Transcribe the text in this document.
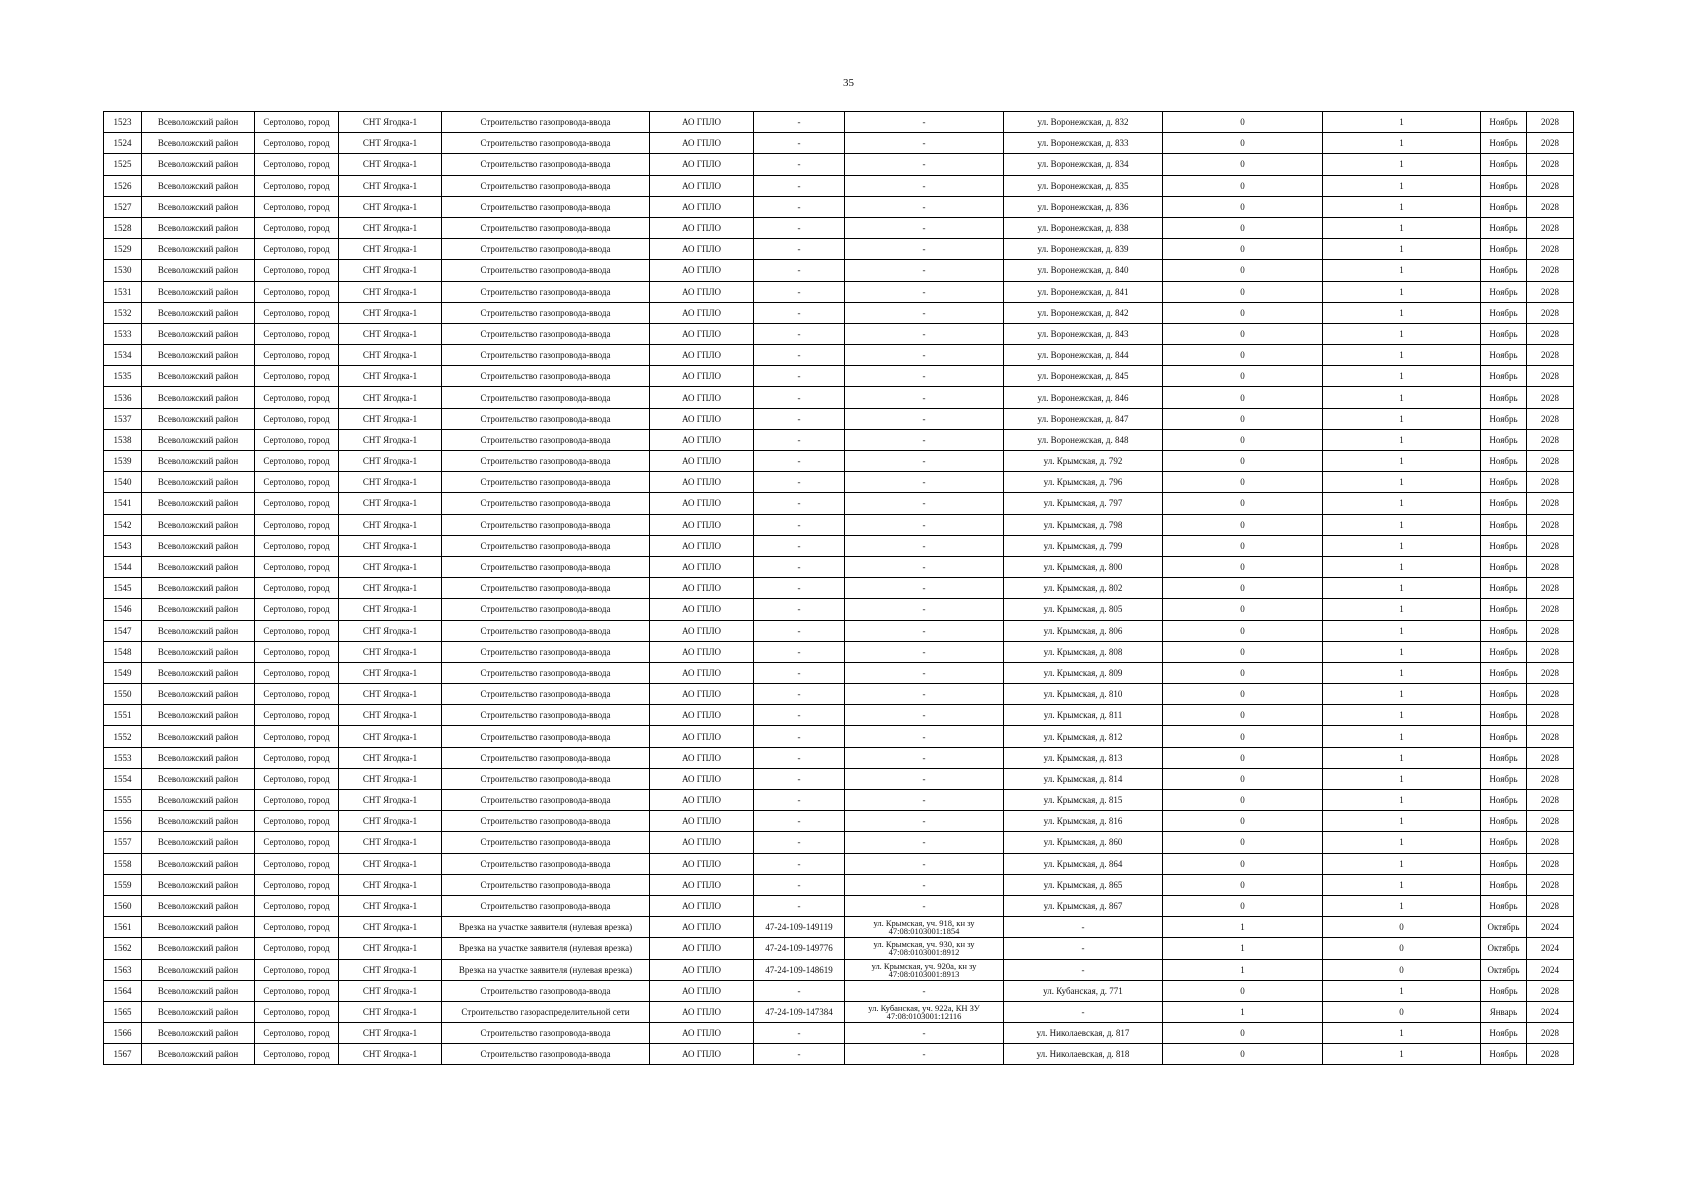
35
1523	Всеволожский район	Сертолово, город	СНТ Ягодка-1	Строительство газопровода-ввода	АО ГПЛО	-	-	ул. Воронежская, д. 832	0	1	Ноябрь	2028
1524	Всеволожский район	Сертолово, город	СНТ Ягодка-1	Строительство газопровода-ввода	АО ГПЛО	-	-	ул. Воронежская, д. 833	0	1	Ноябрь	2028
1525	Всеволожский район	Сертолово, город	СНТ Ягодка-1	Строительство газопровода-ввода	АО ГПЛО	-	-	ул. Воронежская, д. 834	0	1	Ноябрь	2028
1526	Всеволожский район	Сертолово, город	СНТ Ягодка-1	Строительство газопровода-ввода	АО ГПЛО	-	-	ул. Воронежская, д. 835	0	1	Ноябрь	2028
1527	Всеволожский район	Сертолово, город	СНТ Ягодка-1	Строительство газопровода-ввода	АО ГПЛО	-	-	ул. Воронежская, д. 836	0	1	Ноябрь	2028
1528	Всеволожский район	Сертолово, город	СНТ Ягодка-1	Строительство газопровода-ввода	АО ГПЛО	-	-	ул. Воронежская, д. 838	0	1	Ноябрь	2028
1529	Всеволожский район	Сертолово, город	СНТ Ягодка-1	Строительство газопровода-ввода	АО ГПЛО	-	-	ул. Воронежская, д. 839	0	1	Ноябрь	2028
1530	Всеволожский район	Сертолово, город	СНТ Ягодка-1	Строительство газопровода-ввода	АО ГПЛО	-	-	ул. Воронежская, д. 840	0	1	Ноябрь	2028
1531	Всеволожский район	Сертолово, город	СНТ Ягодка-1	Строительство газопровода-ввода	АО ГПЛО	-	-	ул. Воронежская, д. 841	0	1	Ноябрь	2028
1532	Всеволожский район	Сертолово, город	СНТ Ягодка-1	Строительство газопровода-ввода	АО ГПЛО	-	-	ул. Воронежская, д. 842	0	1	Ноябрь	2028
1533	Всеволожский район	Сертолово, город	СНТ Ягодка-1	Строительство газопровода-ввода	АО ГПЛО	-	-	ул. Воронежская, д. 843	0	1	Ноябрь	2028
1534	Всеволожский район	Сертолово, город	СНТ Ягодка-1	Строительство газопровода-ввода	АО ГПЛО	-	-	ул. Воронежская, д. 844	0	1	Ноябрь	2028
1535	Всеволожский район	Сертолово, город	СНТ Ягодка-1	Строительство газопровода-ввода	АО ГПЛО	-	-	ул. Воронежская, д. 845	0	1	Ноябрь	2028
1536	Всеволожский район	Сертолово, город	СНТ Ягодка-1	Строительство газопровода-ввода	АО ГПЛО	-	-	ул. Воронежская, д. 846	0	1	Ноябрь	2028
1537	Всеволожский район	Сертолово, город	СНТ Ягодка-1	Строительство газопровода-ввода	АО ГПЛО	-	-	ул. Воронежская, д. 847	0	1	Ноябрь	2028
1538	Всеволожский район	Сертолово, город	СНТ Ягодка-1	Строительство газопровода-ввода	АО ГПЛО	-	-	ул. Воронежская, д. 848	0	1	Ноябрь	2028
1539	Всеволожский район	Сертолово, город	СНТ Ягодка-1	Строительство газопровода-ввода	АО ГПЛО	-	-	ул. Крымская, д. 792	0	1	Ноябрь	2028
1540	Всеволожский район	Сертолово, город	СНТ Ягодка-1	Строительство газопровода-ввода	АО ГПЛО	-	-	ул. Крымская, д. 796	0	1	Ноябрь	2028
1541	Всеволожский район	Сертолово, город	СНТ Ягодка-1	Строительство газопровода-ввода	АО ГПЛО	-	-	ул. Крымская, д. 797	0	1	Ноябрь	2028
1542	Всеволожский район	Сертолово, город	СНТ Ягодка-1	Строительство газопровода-ввода	АО ГПЛО	-	-	ул. Крымская, д. 798	0	1	Ноябрь	2028
1543	Всеволожский район	Сертолово, город	СНТ Ягодка-1	Строительство газопровода-ввода	АО ГПЛО	-	-	ул. Крымская, д. 799	0	1	Ноябрь	2028
1544	Всеволожский район	Сертолово, город	СНТ Ягодка-1	Строительство газопровода-ввода	АО ГПЛО	-	-	ул. Крымская, д. 800	0	1	Ноябрь	2028
1545	Всеволожский район	Сертолово, город	СНТ Ягодка-1	Строительство газопровода-ввода	АО ГПЛО	-	-	ул. Крымская, д. 802	0	1	Ноябрь	2028
1546	Всеволожский район	Сертолово, город	СНТ Ягодка-1	Строительство газопровода-ввода	АО ГПЛО	-	-	ул. Крымская, д. 805	0	1	Ноябрь	2028
1547	Всеволожский район	Сертолово, город	СНТ Ягодка-1	Строительство газопровода-ввода	АО ГПЛО	-	-	ул. Крымская, д. 806	0	1	Ноябрь	2028
1548	Всеволожский район	Сертолово, город	СНТ Ягодка-1	Строительство газопровода-ввода	АО ГПЛО	-	-	ул. Крымская, д. 808	0	1	Ноябрь	2028
1549	Всеволожский район	Сертолово, город	СНТ Ягодка-1	Строительство газопровода-ввода	АО ГПЛО	-	-	ул. Крымская, д. 809	0	1	Ноябрь	2028
1550	Всеволожский район	Сертолово, город	СНТ Ягодка-1	Строительство газопровода-ввода	АО ГПЛО	-	-	ул. Крымская, д. 810	0	1	Ноябрь	2028
1551	Всеволожский район	Сертолово, город	СНТ Ягодка-1	Строительство газопровода-ввода	АО ГПЛО	-	-	ул. Крымская, д. 811	0	1	Ноябрь	2028
1552	Всеволожский район	Сертолово, город	СНТ Ягодка-1	Строительство газопровода-ввода	АО ГПЛО	-	-	ул. Крымская, д. 812	0	1	Ноябрь	2028
1553	Всеволожский район	Сертолово, город	СНТ Ягодка-1	Строительство газопровода-ввода	АО ГПЛО	-	-	ул. Крымская, д. 813	0	1	Ноябрь	2028
1554	Всеволожский район	Сертолово, город	СНТ Ягодка-1	Строительство газопровода-ввода	АО ГПЛО	-	-	ул. Крымская, д. 814	0	1	Ноябрь	2028
1555	Всеволожский район	Сертолово, город	СНТ Ягодка-1	Строительство газопровода-ввода	АО ГПЛО	-	-	ул. Крымская, д. 815	0	1	Ноябрь	2028
1556	Всеволожский район	Сертолово, город	СНТ Ягодка-1	Строительство газопровода-ввода	АО ГПЛО	-	-	ул. Крымская, д. 816	0	1	Ноябрь	2028
1557	Всеволожский район	Сертолово, город	СНТ Ягодка-1	Строительство газопровода-ввода	АО ГПЛО	-	-	ул. Крымская, д. 860	0	1	Ноябрь	2028
1558	Всеволожский район	Сертолово, город	СНТ Ягодка-1	Строительство газопровода-ввода	АО ГПЛО	-	-	ул. Крымская, д. 864	0	1	Ноябрь	2028
1559	Всеволожский район	Сертолово, город	СНТ Ягодка-1	Строительство газопровода-ввода	АО ГПЛО	-	-	ул. Крымская, д. 865	0	1	Ноябрь	2028
1560	Всеволожский район	Сертолово, город	СНТ Ягодка-1	Строительство газопровода-ввода	АО ГПЛО	-	-	ул. Крымская, д. 867	0	1	Ноябрь	2028
1561	Всеволожский район	Сертолово, город	СНТ Ягодка-1	Врезка на участке заявителя (нулевая врезка)	АО ГПЛО	47-24-109-149119	ул. Крымская, уч. 918, кн зу 47:08:0103001:1854	-	1	0	Октябрь	2024
1562	Всеволожский район	Сертолово, город	СНТ Ягодка-1	Врезка на участке заявителя (нулевая врезка)	АО ГПЛО	47-24-109-149776	ул. Крымская, уч. 930, кн зу 47:08:0103001:8912	-	1	0	Октябрь	2024
1563	Всеволожский район	Сертолово, город	СНТ Ягодка-1	Врезка на участке заявителя (нулевая врезка)	АО ГПЛО	47-24-109-148619	ул. Крымская, уч. 920а, кн зу 47:08:0103001:8913	-	1	0	Октябрь	2024
1564	Всеволожский район	Сертолово, город	СНТ Ягодка-1	Строительство газопровода-ввода	АО ГПЛО	-	-	ул. Кубанская, д. 771	0	1	Ноябрь	2028
1565	Всеволожский район	Сертолово, город	СНТ Ягодка-1	Строительство газораспределительной сети	АО ГПЛО	47-24-109-147384	ул. Кубанская, уч. 922а, КН ЗУ 47:08:0103001:12116	-	1	0	Январь	2024
1566	Всеволожский район	Сертолово, город	СНТ Ягодка-1	Строительство газопровода-ввода	АО ГПЛО	-	-	ул. Николаевская, д. 817	0	1	Ноябрь	2028
1567	Всеволожский район	Сертолово, город	СНТ Ягодка-1	Строительство газопровода-ввода	АО ГПЛО	-	-	ул. Николаевская, д. 818	0	1	Ноябрь	2028
